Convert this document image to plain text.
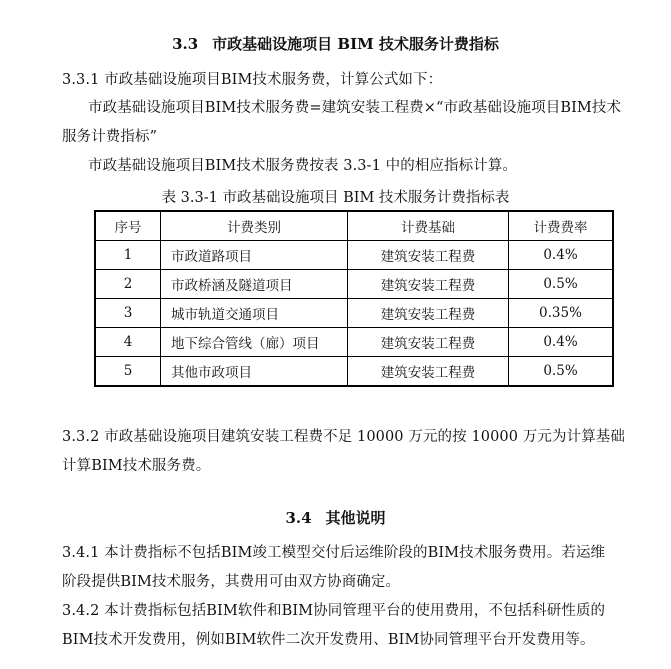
3.3 市政基础设施项目 BIM 技术服务计费指标
3.3.1 市政基础设施项目BIM技术服务费，计算公式如下：
市政基础设施项目BIM技术服务费=建筑安装工程费×“市政基础设施项目BIM技术
服务计费指标”
市政基础设施项目BIM技术服务费按表 3.3-1 中的相应指标计算。
表 3.3-1 市政基础设施项目 BIM 技术服务计费指标表
序号	计费类别	计费基础	计费费率
1	市政道路项目	建筑安装工程费	0.4%
2	市政桥涵及隧道项目	建筑安装工程费	0.5%
3	城市轨道交通项目	建筑安装工程费	0.35%
4	地下综合管线（廊）项目	建筑安装工程费	0.4%
5	其他市政项目	建筑安装工程费	0.5%
3.3.2 市政基础设施项目建筑安装工程费不足 10000 万元的按 10000 万元为计算基础
计算BIM技术服务费。
3.4 其他说明
3.4.1 本计费指标不包括BIM竣工模型交付后运维阶段的BIM技术服务费用。若运维
阶段提供BIM技术服务，其费用可由双方协商确定。
3.4.2 本计费指标包括BIM软件和BIM协同管理平台的使用费用，不包括科研性质的
BIM技术开发费用，例如BIM软件二次开发费用、BIM协同管理平台开发费用等。
